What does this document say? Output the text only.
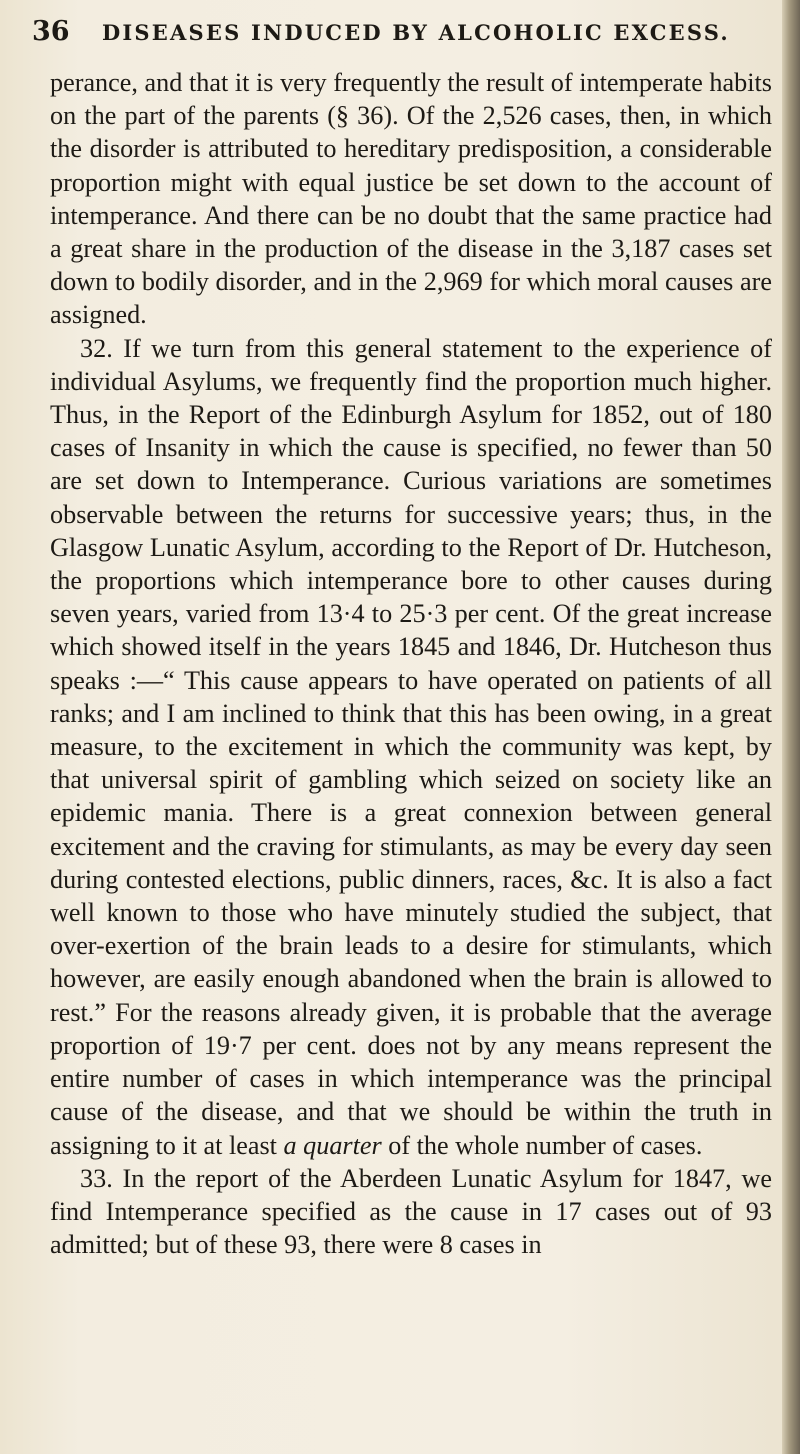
36 DISEASES INDUCED BY ALCOHOLIC EXCESS.

perance, and that it is very frequently the result of intemperate habits on the part of the parents (§ 36). Of the 2,526 cases, then, in which the disorder is attributed to hereditary predisposition, a considerable proportion might with equal justice be set down to the account of intemperance. And there can be no doubt that the same practice had a great share in the production of the disease in the 3,187 cases set down to bodily disorder, and in the 2,969 for which moral causes are assigned.

32. If we turn from this general statement to the experience of individual Asylums, we frequently find the proportion much higher. Thus, in the Report of the Edinburgh Asylum for 1852, out of 180 cases of Insanity in which the cause is specified, no fewer than 50 are set down to Intemperance. Curious variations are sometimes observable between the returns for successive years; thus, in the Glasgow Lunatic Asylum, according to the Report of Dr. Hutcheson, the proportions which intemperance bore to other causes during seven years, varied from 13·4 to 25·3 per cent. Of the great increase which showed itself in the years 1845 and 1846, Dr. Hutcheson thus speaks :—“ This cause appears to have operated on patients of all ranks; and I am inclined to think that this has been owing, in a great measure, to the excitement in which the community was kept, by that universal spirit of gambling which seized on society like an epidemic mania. There is a great connexion between general excitement and the craving for stimulants, as may be every day seen during contested elections, public dinners, races, &c. It is also a fact well known to those who have minutely studied the subject, that over-exertion of the brain leads to a desire for stimulants, which however, are easily enough abandoned when the brain is allowed to rest.” For the reasons already given, it is probable that the average proportion of 19·7 per cent. does not by any means represent the entire number of cases in which intemperance was the principal cause of the disease, and that we should be within the truth in assigning to it at least a quarter of the whole number of cases.

33. In the report of the Aberdeen Lunatic Asylum for 1847, we find Intemperance specified as the cause in 17 cases out of 93 admitted; but of these 93, there were 8 cases in
